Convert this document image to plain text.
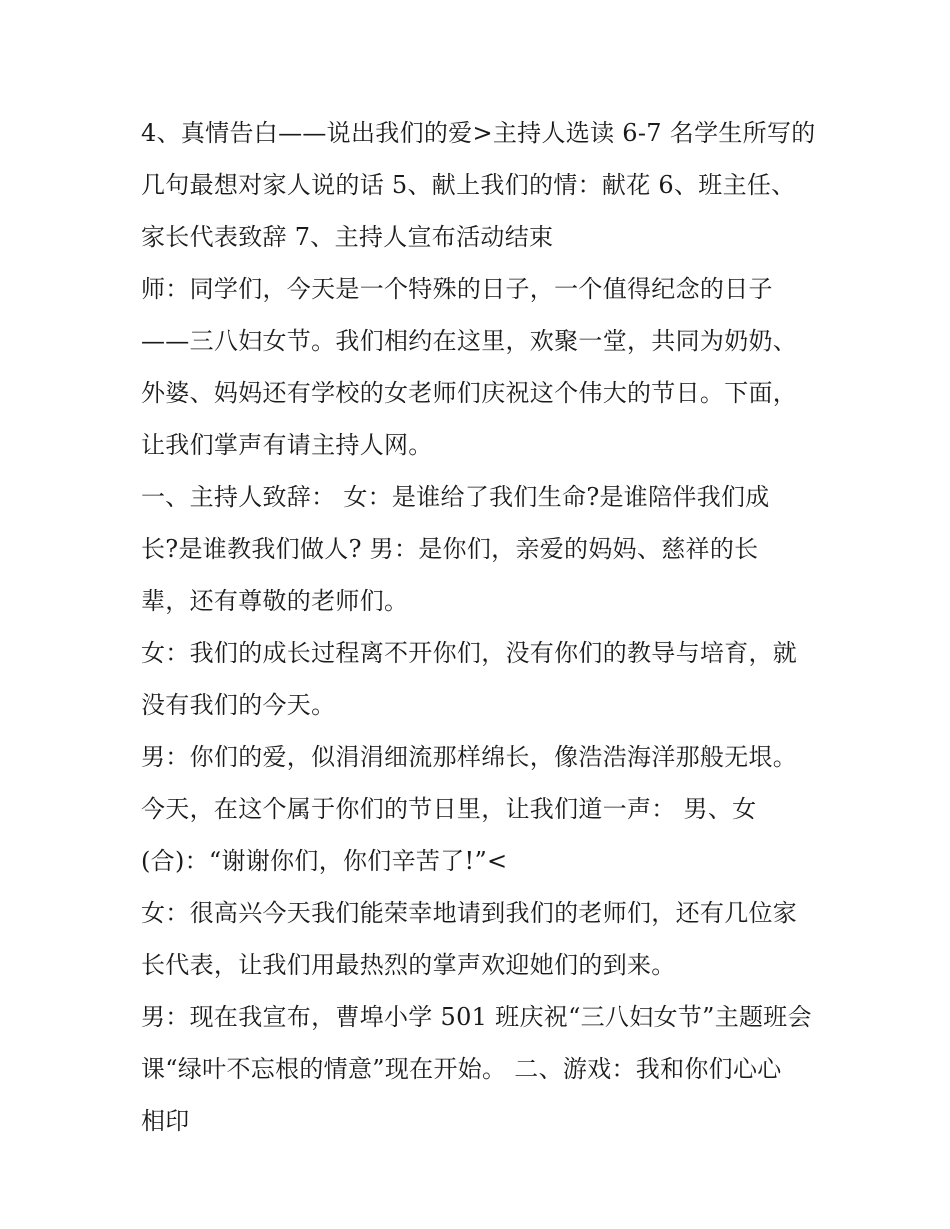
4、真情告白——说出我们的爱>主持人选读 6-7 名学生所写的
几句最想对家人说的话 5、献上我们的情：献花 6、班主任、
家长代表致辞 7、主持人宣布活动结束
师：同学们，今天是一个特殊的日子，一个值得纪念的日子
——三八妇女节。我们相约在这里，欢聚一堂，共同为奶奶、
外婆、妈妈还有学校的女老师们庆祝这个伟大的节日。下面，
让我们掌声有请主持人网。
一、主持人致辞： 女：是谁给了我们生命?是谁陪伴我们成
长?是谁教我们做人? 男：是你们，亲爱的妈妈、慈祥的长
辈，还有尊敬的老师们。
女：我们的成长过程离不开你们，没有你们的教导与培育，就
没有我们的今天。
男：你们的爱，似涓涓细流那样绵长，像浩浩海洋那般无垠。
今天，在这个属于你们的节日里，让我们道一声： 男、女
(合)：“谢谢你们，你们辛苦了!”<
女：很高兴今天我们能荣幸地请到我们的老师们，还有几位家
长代表，让我们用最热烈的掌声欢迎她们的到来。
男：现在我宣布，曹埠小学 501 班庆祝“三八妇女节”主题班会
课“绿叶不忘根的情意”现在开始。 二、游戏：我和你们心心
相印
